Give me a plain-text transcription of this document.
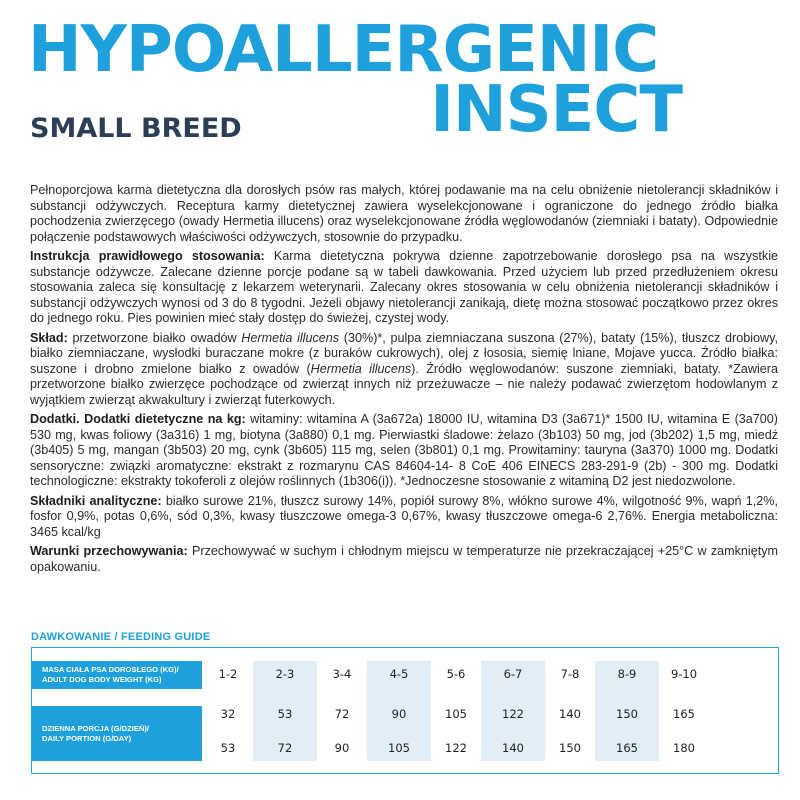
HYPOALLERGENIC
INSECT
SMALL BREED

Pełnoporcjowa karma dietetyczna dla dorosłych psów ras małych, której podawanie ma na celu obniżenie nietolerancji składników i substancji odżywczych. Receptura karmy dietetycznej zawiera wyselekcjonowane i ograniczone do jednego źródło białka pochodzenia zwierzęcego (owady Hermetia illucens) oraz wyselekcjonowane źródła węglowodanów (ziemniaki i bataty). Odpowiednie połączenie podstawowych właściwości odżywczych, stosownie do przypadku.

Instrukcja prawidłowego stosowania: Karma dietetyczna pokrywa dzienne zapotrzebowanie dorosłego psa na wszystkie substancje odżywcze. Zalecane dzienne porcje podane są w tabeli dawkowania. Przed użyciem lub przed przedłużeniem okresu stosowania zaleca się konsultację z lekarzem weterynarii. Zalecany okres stosowania w celu obniżenia nietolerancji składników i substancji odżywczych wynosi od 3 do 8 tygodni. Jeżeli objawy nietolerancji zanikają, dietę można stosować początkowo przez okres do jednego roku. Pies powinien mieć stały dostęp do świeżej, czystej wody.

Skład: przetworzone białko owadów Hermetia illucens (30%)*, pulpa ziemniaczana suszona (27%), bataty (15%), tłuszcz drobiowy, białko ziemniaczane, wysłodki buraczane mokre (z buraków cukrowych), olej z łososia, siemię lniane, Mojave yucca. Źródło białka: suszone i drobno zmielone białko z owadów (Hermetia illucens). Źródło węglowodanów: suszone ziemniaki, bataty. *Zawiera przetworzone białko zwierzęce pochodzące od zwierząt innych niż przeżuwacze – nie należy podawać zwierzętom hodowlanym z wyjątkiem zwierząt akwakultury i zwierząt futerkowych.

Dodatki. Dodatki dietetyczne na kg: witaminy: witamina A (3a672a) 18000 IU, witamina D3 (3a671)* 1500 IU, witamina E (3a700) 530 mg, kwas foliowy (3a316) 1 mg, biotyna (3a880) 0,1 mg. Pierwiastki śladowe: żelazo (3b103) 50 mg, jod (3b202) 1,5 mg, miedź (3b405) 5 mg, mangan (3b503) 20 mg, cynk (3b605) 115 mg, selen (3b801) 0,1 mg. Prowitaminy: tauryna (3a370) 1000 mg. Dodatki sensoryczne: związki aromatyczne: ekstrakt z rozmarynu CAS 84604-14- 8 CoE 406 EINECS 283-291-9 (2b) - 300 mg. Dodatki technologiczne: ekstrakty tokoferoli z olejów roślinnych (1b306(i)). *Jednoczesne stosowanie z witaminą D2 jest niedozwolone.

Składniki analityczne: białko surowe 21%, tłuszcz surowy 14%, popiół surowy 8%, włókno surowe 4%, wilgotność 9%, wapń 1,2%, fosfor 0,9%, potas 0,6%, sód 0,3%, kwasy tłuszczowe omega-3 0,67%, kwasy tłuszczowe omega-6 2,76%. Energia metaboliczna: 3465 kcal/kg

Warunki przechowywania: Przechowywać w suchym i chłodnym miejscu w temperaturze nie przekraczającej +25°C w zamkniętym opakowaniu.

DAWKOWANIE / FEEDING GUIDE
MASA CIAŁA PSA DOROSŁEGO (KG)/
ADULT DOG BODY WEIGHT (KG)
DZIENNA PORCJA (G/DZIEŃ)/
DAILY PORTION (G/DAY)
1-2
32
53
2-3
53
72
3-4
72
90
4-5
90
105
5-6
105
122
6-7
122
140
7-8
140
150
8-9
150
165
9-10
165
180
